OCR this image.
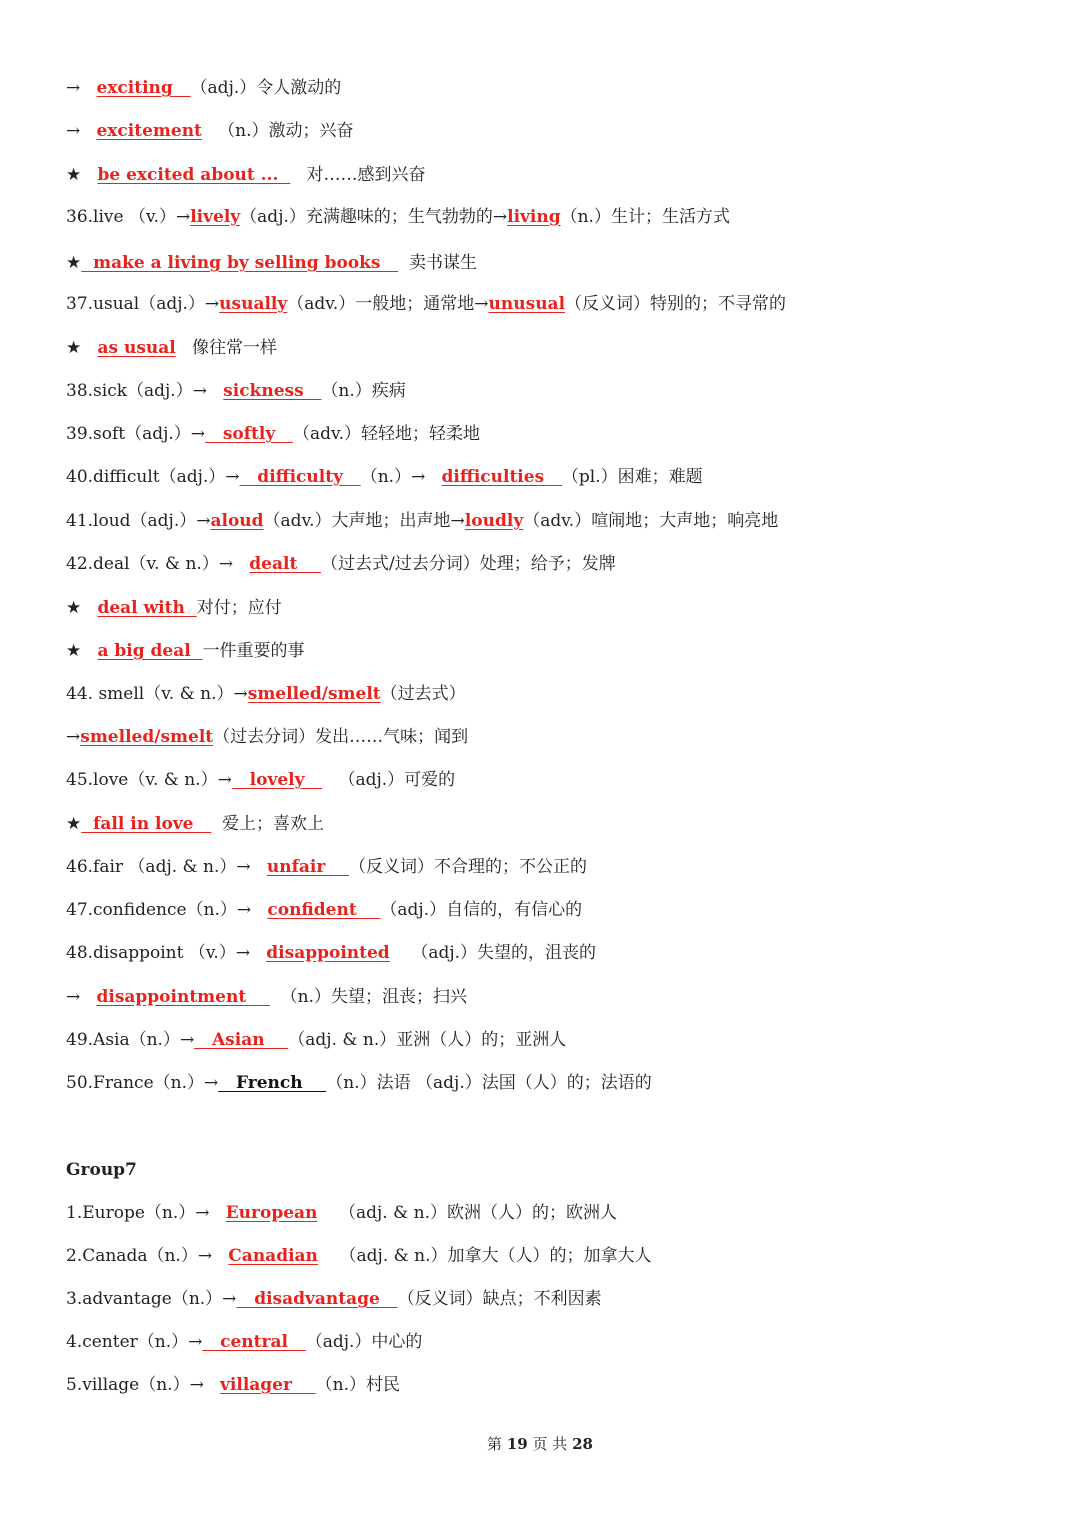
→   exciting   （adj.）令人激动的
→   excitement   （n.）激动；兴奋
★   be excited about ...     对……感到兴奋
36.live （v.）→lively（adj.）充满趣味的；生气勃勃的→living（n.）生计；生活方式
★  make a living by selling books     卖书谋生
37.usual（adj.）→usually（adv.）一般地；通常地→unusual（反义词）特别的；不寻常的
★   as usual   像往常一样
38.sick（adj.）→   sickness   （n.）疾病
39.soft（adj.）→   softly   （adv.）轻轻地；轻柔地
40.difficult（adj.）→   difficulty   （n.）→   difficulties   （pl.）困难；难题
41.loud（adj.）→aloud（adv.）大声地；出声地→loudly（adv.）喧闹地；大声地；响亮地
42.deal（v. & n.）→   dealt    （过去式/过去分词）处理；给予；发牌
★   deal with  对付；应付
★   a big deal  一件重要的事
44. smell（v. & n.）→smelled/smelt（过去式）
→smelled/smelt（过去分词）发出……气味；闻到
45.love（v. & n.）→   lovely      （adj.）可爱的
★  fall in love     爱上；喜欢上
46.fair （adj. & n.）→   unfair    （反义词）不合理的；不公正的
47.confidence（n.）→   confident    （adj.）自信的，有信心的
48.disappoint （v.）→   disappointed    （adj.）失望的，沮丧的
→   disappointment      （n.）失望；沮丧；扫兴
49.Asia（n.）→   Asian    （adj. & n.）亚洲（人）的；亚洲人
50.France（n.）→   French    （n.）法语 （adj.）法国（人）的；法语的
1.Europe（n.）→   European    （adj. & n.）欧洲（人）的；欧洲人
2.Canada（n.）→   Canadian    （adj. & n.）加拿大（人）的；加拿大人
3.advantage（n.）→   disadvantage   （反义词）缺点；不利因素
4.center（n.）→   central   （adj.）中心的
5.village（n.）→   villager    （n.）村民
Group7
第 19 页 共 28
